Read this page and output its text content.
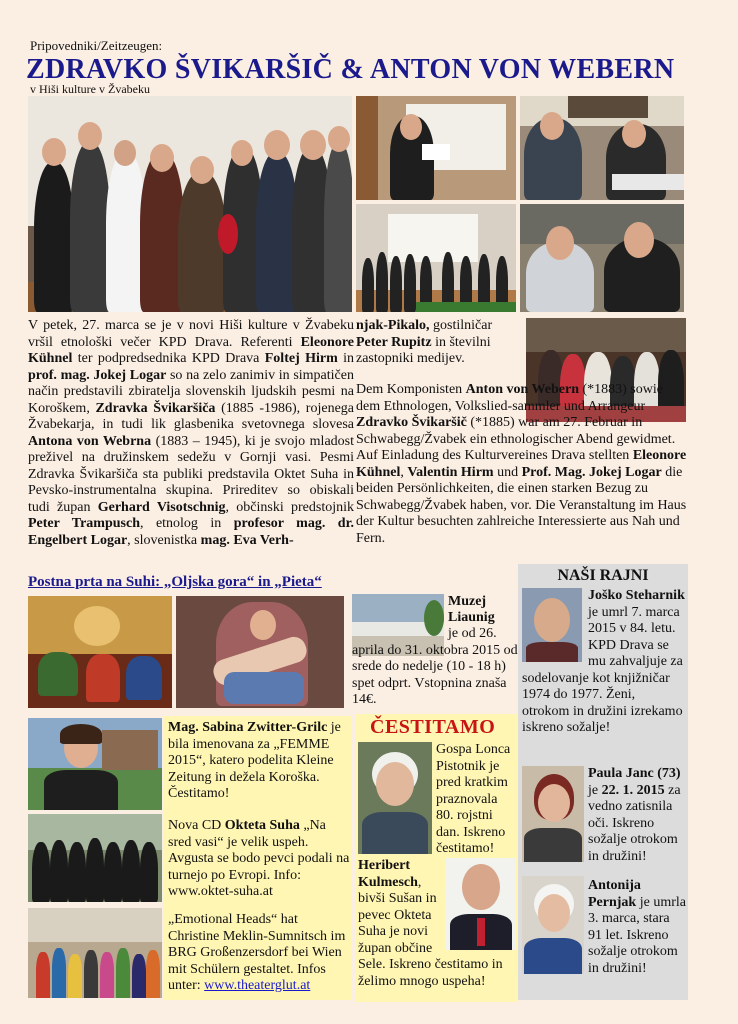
Pripovedniki/Zeitzeugen:
ZDRAVKO ŠVIKARŠIČ & ANTON VON WEBERN
v Hiši kulture v Žvabeku
V petek, 27. marca se je v novi Hiši kulture v Žvabeku vršil etnološki večer KPD Drava. Referenti Eleonore Kühnel ter podpredsednika KPD Drava Foltej Hirm in prof. mag. Jokej Logar so na zelo zanimiv in simpatičen način predstavili zbiratelja slovenskih ljudskih pesmi na Koroškem, Zdravka Švikaršiča (1885 -1986), rojenega Žvabekarja, in tudi lik glasbenika svetovnega slovesa Antona von Webrna (1883 – 1945), ki je svojo mladost preživel na družinskem sedežu v Gornji vasi. Pesmi Zdravka Švikaršiča sta publiki predstavila Oktet Suha in Pevsko-instrumentalna skupina. Prireditev so obiskali tudi župan Gerhard Visotschnig, občinski predstojnik Peter Trampusch, etnolog in profesor mag. dr. Engelbert Logar, slovenistka mag. Eva Verh-
njak-Pikalo, gostilničar Peter Rupitz in številni zastopniki medijev.
Dem Komponisten Anton von Webern (*1883) sowie dem Ethnologen, Volkslied-sammler und Arrangeur Zdravko Švikaršič (*1885) war am 27. Februar in Schwabegg/Žvabek ein ethnologischer Abend gewidmet. Auf Einladung des Kulturvereines Drava stellten Eleonore Kühnel, Valentin Hirm und Prof. Mag. Jokej Logar die beiden Persönlichkeiten, die einen starken Bezug zu Schwabegg/Žvabek haben, vor. Die Veranstaltung im Haus der Kultur besuchten zahlreiche Interessierte aus Nah und Fern.
Postna prta na Suhi: „Oljska gora“ in „Pieta“
Muzej
Liaunig
je od 26. aprila do 31. oktobra 2015 od srede do nedelje (10 - 18 h) spet odprt. Vstopnina znaša 14€.
NAŠI RAJNI
Joško Steharnik je umrl 7. marca 2015 v 84. letu. KPD Drava se mu zahvaljuje za sodelovanje kot knjižničar 1974 do 1977. Ženi, otrokom in družini izrekamo iskreno sožalje!
Paula Janc (73) je 22. 1. 2015 za vedno zatisnila oči. Iskreno sožalje otrokom in družini!
Antonija Pernjak je umrla 3. marca, stara 91 let. Iskreno sožalje otrokom in družini!
Mag. Sabina Zwitter-Grilc je bila imenovana za „FEMME 2015“, katero podelita Kleine Zeitung in dežela Koroška. Čestitamo!
Nova CD Okteta Suha „Na sred vasi“ je velik uspeh. Avgusta se bodo pevci podali na turnejo po Evropi. Info: www.oktet-suha.at
„Emotional Heads“ hat Christine Meklin-Sumnitsch im BRG Großenzersdorf bei Wien mit Schülern gestaltet. Infos unter: www.theaterglut.at
ČESTITAMO
Gospa Lonca Pistotnik je pred kratkim praznovala 80. rojstni dan. Iskreno čestitamo!
Heribert Kulmesch, bivši Sušan in pevec Okteta Suha je novi župan občine Sele. Iskreno čestitamo in želimo mnogo uspeha!
